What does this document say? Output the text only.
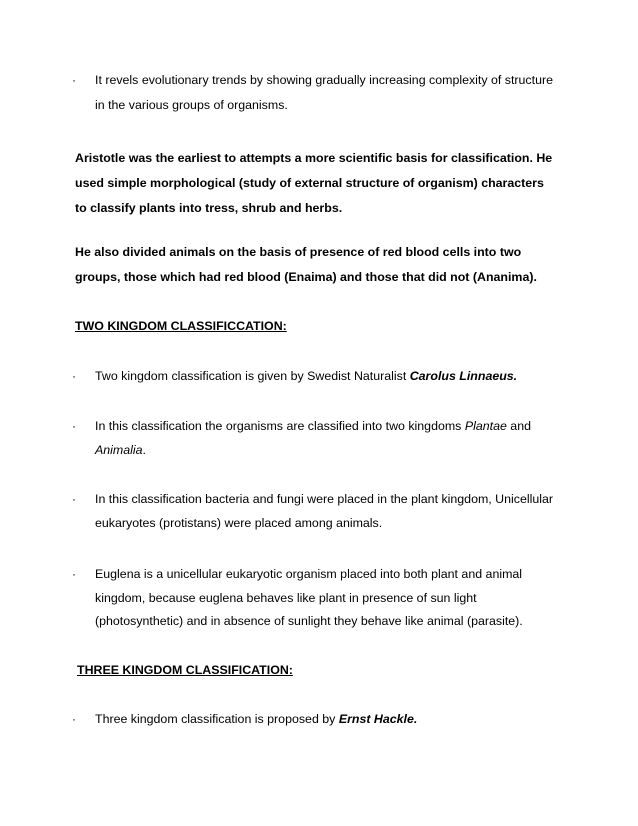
· It revels evolutionary trends by showing gradually increasing complexity of structure
in the various groups of organisms.
Aristotle was the earliest to attempts a more scientific basis for classification. He
used simple morphological (study of external structure of organism) characters
to classify plants into tress, shrub and herbs.
He also divided animals on the basis of presence of red blood cells into two
groups, those which had red blood (Enaima) and those that did not (Ananima).
TWO KINGDOM CLASSIFICCATION:
· Two kingdom classification is given by Swedist Naturalist Carolus Linnaeus.
· In this classification the organisms are classified into two kingdoms Plantae and
Animalia.
· In this classification bacteria and fungi were placed in the plant kingdom, Unicellular
eukaryotes (protistans) were placed among animals.
· Euglena is a unicellular eukaryotic organism placed into both plant and animal
kingdom, because euglena behaves like plant in presence of sun light
(photosynthetic) and in absence of sunlight they behave like animal (parasite).
THREE KINGDOM CLASSIFICATION:
· Three kingdom classification is proposed by Ernst Hackle.
